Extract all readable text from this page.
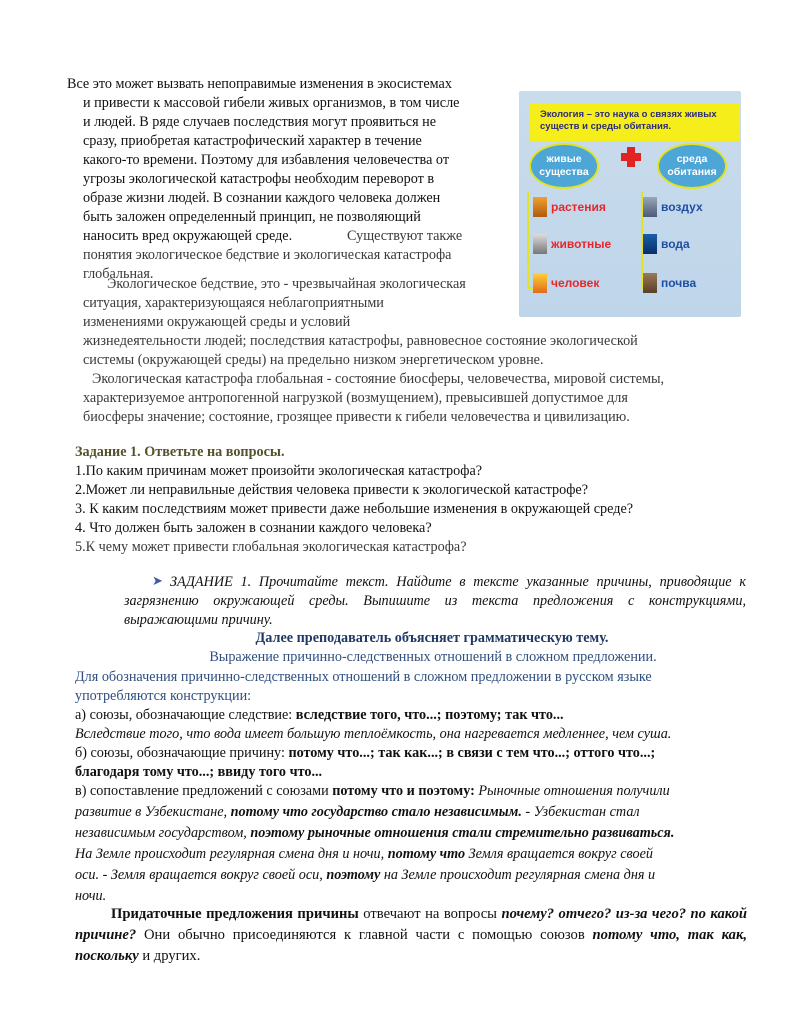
Все это может вызвать непоправимые изменения в экосистемах
и привести к массовой гибели живых организмов, в том числе
и людей. В ряде случаев последствия могут проявиться не
сразу, приобретая катастрофический характер в течение
какого-то времени. Поэтому для избавления человечества от
угрозы экологической катастрофы необходим переворот в
образе жизни людей. В сознании каждого человека должен
быть заложен определенный принцип, не позволяющий
наносить вред окружающей среде.	Существуют также
понятия экологическое бедствие и экологическая катастрофа
глобальная.
Экология – это наука о связях живых существ и среды обитания.
живые существа
среда обитания
растения
животные
человек
воздух
вода
почва
Экологическое бедствие, это - чрезвычайная экологическая
ситуация, характеризующаяся неблагоприятными
изменениями окружающей среды и условий
жизнедеятельности людей; последствия катастрофы, равновесное состояние экологической
системы (окружающей среды) на предельно низком энергетическом уровне.
Экологическая катастрофа глобальная - состояние биосферы, человечества, мировой системы,
характеризуемое антропогенной нагрузкой (возмущением), превысившей допустимое для
биосферы значение; состояние, грозящее привести к гибели человечества и цивилизацию.
Задание 1. Ответьте на вопросы.
1.По каким причинам может произойти экологическая катастрофа?
2.Может ли неправильные действия человека привести к экологической катастрофе?
3. К каким последствиям может привести даже небольшие изменения в окружающей среде?
4. Что должен быть заложен в сознании каждого человека?
5.К чему может привести глобальная экологическая катастрофа?
➤ ЗАДАНИЕ 1. Прочитайте текст. Найдите в тексте указанные причины, приводящие к загрязнению окружающей среды. Выпишите из текста предложения с конструкциями, выражающими причину.
Далее преподаватель объясняет грамматическую тему.
Выражение причинно-следственных отношений в сложном предложении.
Для обозначения причинно-следственных отношений в сложном предложении в русском языке
употребляются конструкции:
а) союзы, обозначающие следствие: вследствие того, что...; поэтому; так что...
Вследствие того, что вода имеет большую теплоёмкость, она нагревается медленнее, чем суша.
б) союзы, обозначающие причину: потому что...; так как...; в связи с тем что...; оттого что...;
благодаря тому что...; ввиду того что...
в) сопоставление предложений с союзами потому что и поэтому: Рыночные отношения получили
развитие в Узбекистане, потому что государство стало независимым. - Узбекистан стал
независимым государством, поэтому рыночные отношения стали стремительно развиваться.
На Земле происходит регулярная смена дня и ночи, потому что Земля вращается вокруг своей
оси. - Земля вращается вокруг своей оси, поэтому на Земле происходит регулярная смена дня и
ночи.
Придаточные предложения причины отвечают на вопросы почему? отчего? из-за чего? по какой причине? Они обычно присоединяются к главной части с помощью союзов потому что, так как, поскольку и других.
